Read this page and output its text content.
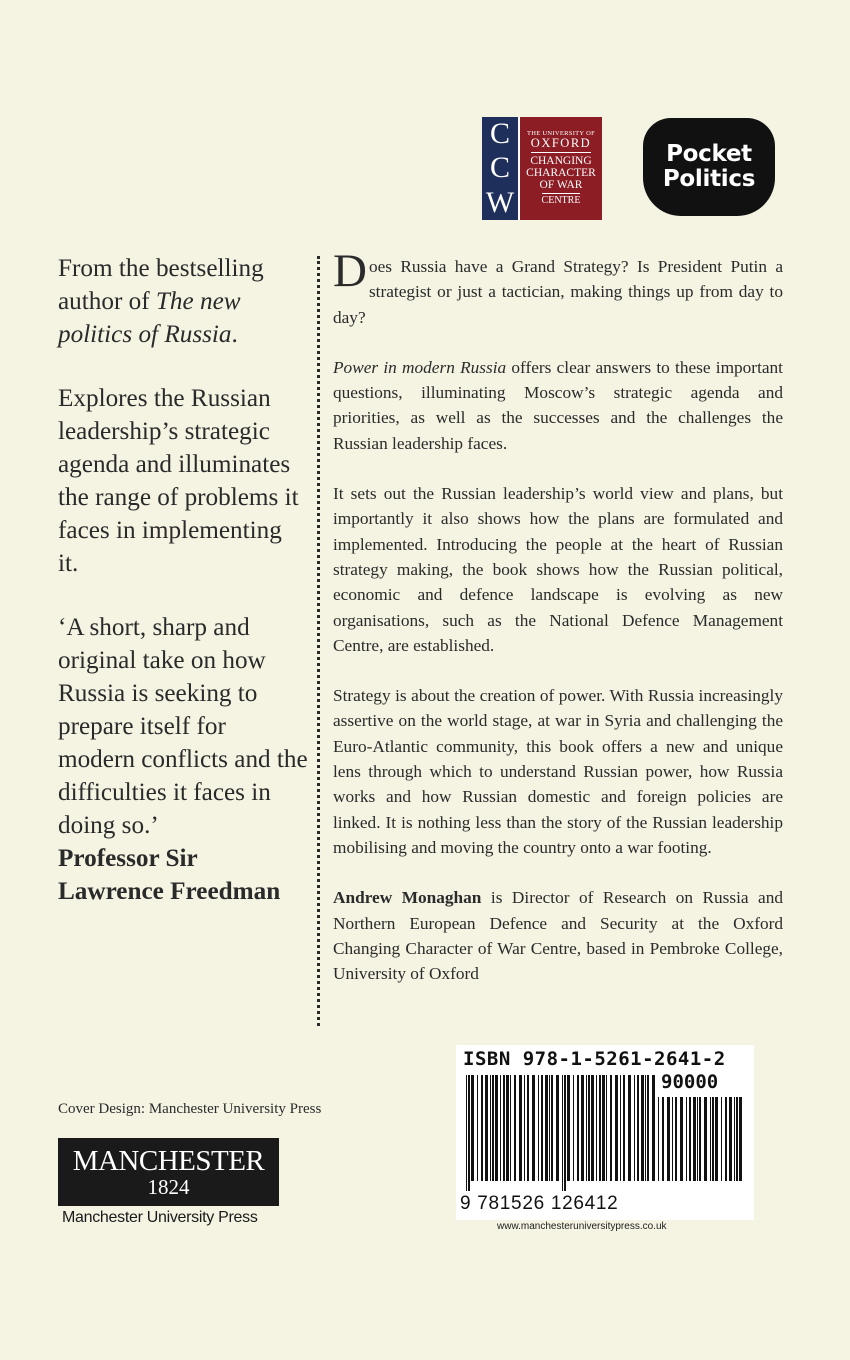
C
C
W
THE UNIVERSITY OF
OXFORD
CHANGING
CHARACTER
OF WAR
CENTRE
Pocket
Politics

From the bestselling author of The new politics of Russia.

Explores the Russian leadership’s strategic agenda and illuminates the range of problems it faces in implementing it.

‘A short, sharp and original take on how Russia is seeking to prepare itself for modern conflicts and the difficulties it faces in doing so.’
Professor Sir
Lawrence Freedman

Does Russia have a Grand Strategy? Is President Putin a strategist or just a tactician, making things up from day to day?

Power in modern Russia offers clear answers to these important questions, illuminating Moscow’s strategic agenda and priorities, as well as the successes and the challenges the Russian leadership faces.

It sets out the Russian leadership’s world view and plans, but importantly it also shows how the plans are formulated and implemented. Introducing the people at the heart of Russian strategy making, the book shows how the Russian political, economic and defence landscape is evolving as new organisations, such as the National Defence Management Centre, are established.

Strategy is about the creation of power. With Russia increasingly assertive on the world stage, at war in Syria and challenging the Euro-Atlantic community, this book offers a new and unique lens through which to understand Russian power, how Russia works and how Russian domestic and foreign policies are linked. It is nothing less than the story of the Russian leadership mobilising and moving the country onto a war footing.

Andrew Monaghan is Director of Research on Russia and Northern European Defence and Security at the Oxford Changing Character of War Centre, based in Pembroke College, University of Oxford

ISBN 978-1-5261-2641-2
90000
9 781526 126412
www.manchesteruniversitypress.co.uk
Cover Design: Manchester University Press
MANCHESTER
1824
Manchester University Press
